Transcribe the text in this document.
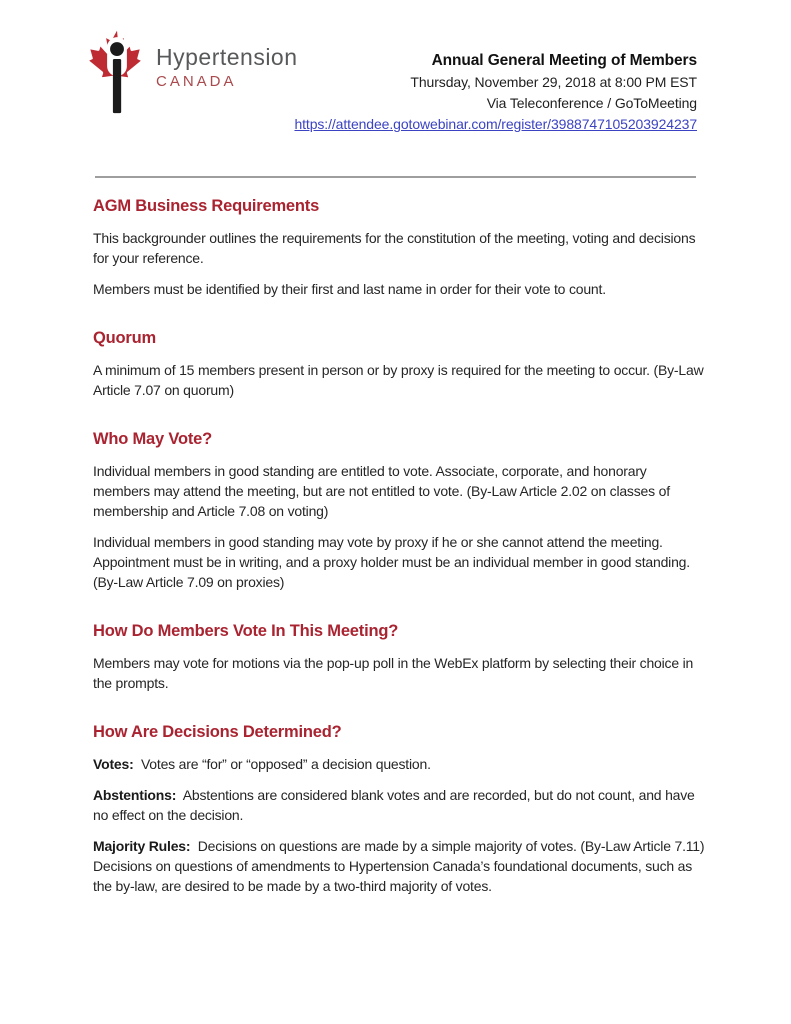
Hypertension
CANADA
Annual General Meeting of Members
Thursday, November 29, 2018 at 8:00 PM EST
Via Teleconference / GoToMeeting
https://attendee.gotowebinar.com/register/3988747105203924237
AGM Business Requirements

This backgrounder outlines the requirements for the constitution of the meeting, voting and decisions for your reference.

Members must be identified by their first and last name in order for their vote to count.

Quorum

A minimum of 15 members present in person or by proxy is required for the meeting to occur. (By-Law Article 7.07 on quorum)

Who May Vote?

Individual members in good standing are entitled to vote. Associate, corporate, and honorary members may attend the meeting, but are not entitled to vote. (By-Law Article 2.02 on classes of membership and Article 7.08 on voting)

Individual members in good standing may vote by proxy if he or she cannot attend the meeting. Appointment must be in writing, and a proxy holder must be an individual member in good standing. (By-Law Article 7.09 on proxies)

How Do Members Vote In This Meeting?

Members may vote for motions via the pop-up poll in the WebEx platform by selecting their choice in the prompts.

How Are Decisions Determined?

Votes:  Votes are “for” or “opposed” a decision question.

Abstentions:  Abstentions are considered blank votes and are recorded, but do not count, and have no effect on the decision.

Majority Rules:  Decisions on questions are made by a simple majority of votes. (By-Law Article 7.11) Decisions on questions of amendments to Hypertension Canada’s foundational documents, such as the by-law, are desired to be made by a two-third majority of votes.
